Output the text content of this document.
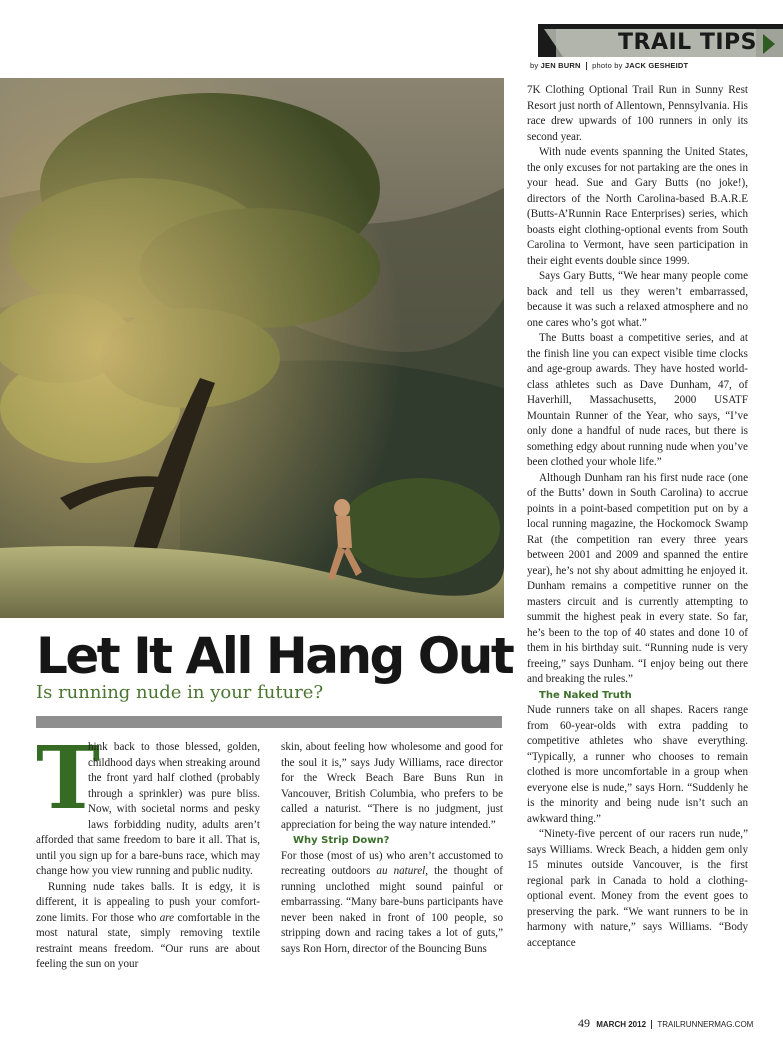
TRAIL TIPS
by JEN BURN photo by JACK GESHEIDT
Let It All Hang Out
Is running nude in your future?
T

hink back to those blessed, golden, childhood days when streaking around the front yard half clothed (probably through a sprinkler) was pure bliss. Now, with societal norms and pesky laws forbidding nudity, adults aren’t afforded that same freedom to bare it all. That is, until you sign up for a bare-buns race, which may change how you view running and public nudity.

Running nude takes balls. It is edgy, it is different, it is appealing to push your comfort-zone limits. For those who are comfortable in the most natural state, simply removing textile restraint means freedom. “Our runs are about feeling the sun on your

skin, about feeling how wholesome and good for the soul it is,” says Judy Williams, race director for the Wreck Beach Bare Buns Run in Vancouver, British Columbia, who prefers to be called a naturist. “There is no judgment, just appreciation for being the way nature intended.”

Why Strip Down?

For those (most of us) who aren’t accustomed to recreating outdoors au naturel, the thought of running unclothed might sound painful or embarrassing. “Many bare-buns participants have never been naked in front of 100 people, so stripping down and racing takes a lot of guts,” says Ron Horn, director of the Bouncing Buns

7K Clothing Optional Trail Run in Sunny Rest Resort just north of Allentown, Pennsylvania. His race drew upwards of 100 runners in only its second year.

With nude events spanning the United States, the only excuses for not partaking are the ones in your head. Sue and Gary Butts (no joke!), directors of the North Carolina-based B.A.R.E (Butts-A’Runnin Race Enterprises) series, which boasts eight clothing-optional events from South Carolina to Vermont, have seen participation in their eight events double since 1999.

Says Gary Butts, “We hear many people come back and tell us they weren’t embarrassed, because it was such a relaxed atmosphere and no one cares who’s got what.”

The Butts boast a competitive series, and at the finish line you can expect visible time clocks and age-group awards. They have hosted world-class athletes such as Dave Dunham, 47, of Haverhill, Massachusetts, 2000 USATF Mountain Runner of the Year, who says, “I’ve only done a handful of nude races, but there is something edgy about running nude when you’ve been clothed your whole life.”

Although Dunham ran his first nude race (one of the Butts’ down in South Carolina) to accrue points in a point-based competition put on by a local running magazine, the Hockomock Swamp Rat (the competition ran every three years between 2001 and 2009 and spanned the entire year), he’s not shy about admitting he enjoyed it. Dunham remains a competitive runner on the masters circuit and is currently attempting to summit the highest peak in every state. So far, he’s been to the top of 40 states and done 10 of them in his birthday suit. “Running nude is very freeing,” says Dunham. “I enjoy being out there and breaking the rules.”

The Naked Truth

Nude runners take on all shapes. Racers range from 60-year-olds with extra padding to competitive athletes who shave everything. “Typically, a runner who chooses to remain clothed is more uncomfortable in a group when everyone else is nude,” says Horn. “Suddenly he is the minority and being nude isn’t such an awkward thing.”

“Ninety-five percent of our racers run nude,” says Williams. Wreck Beach, a hidden gem only 15 minutes outside Vancouver, is the first regional park in Canada to hold a clothing-optional event. Money from the event goes to preserving the park. “We want runners to be in harmony with nature,” says Williams. “Body acceptance

49 MARCH 2012 TRAILRUNNERMAG.COM
